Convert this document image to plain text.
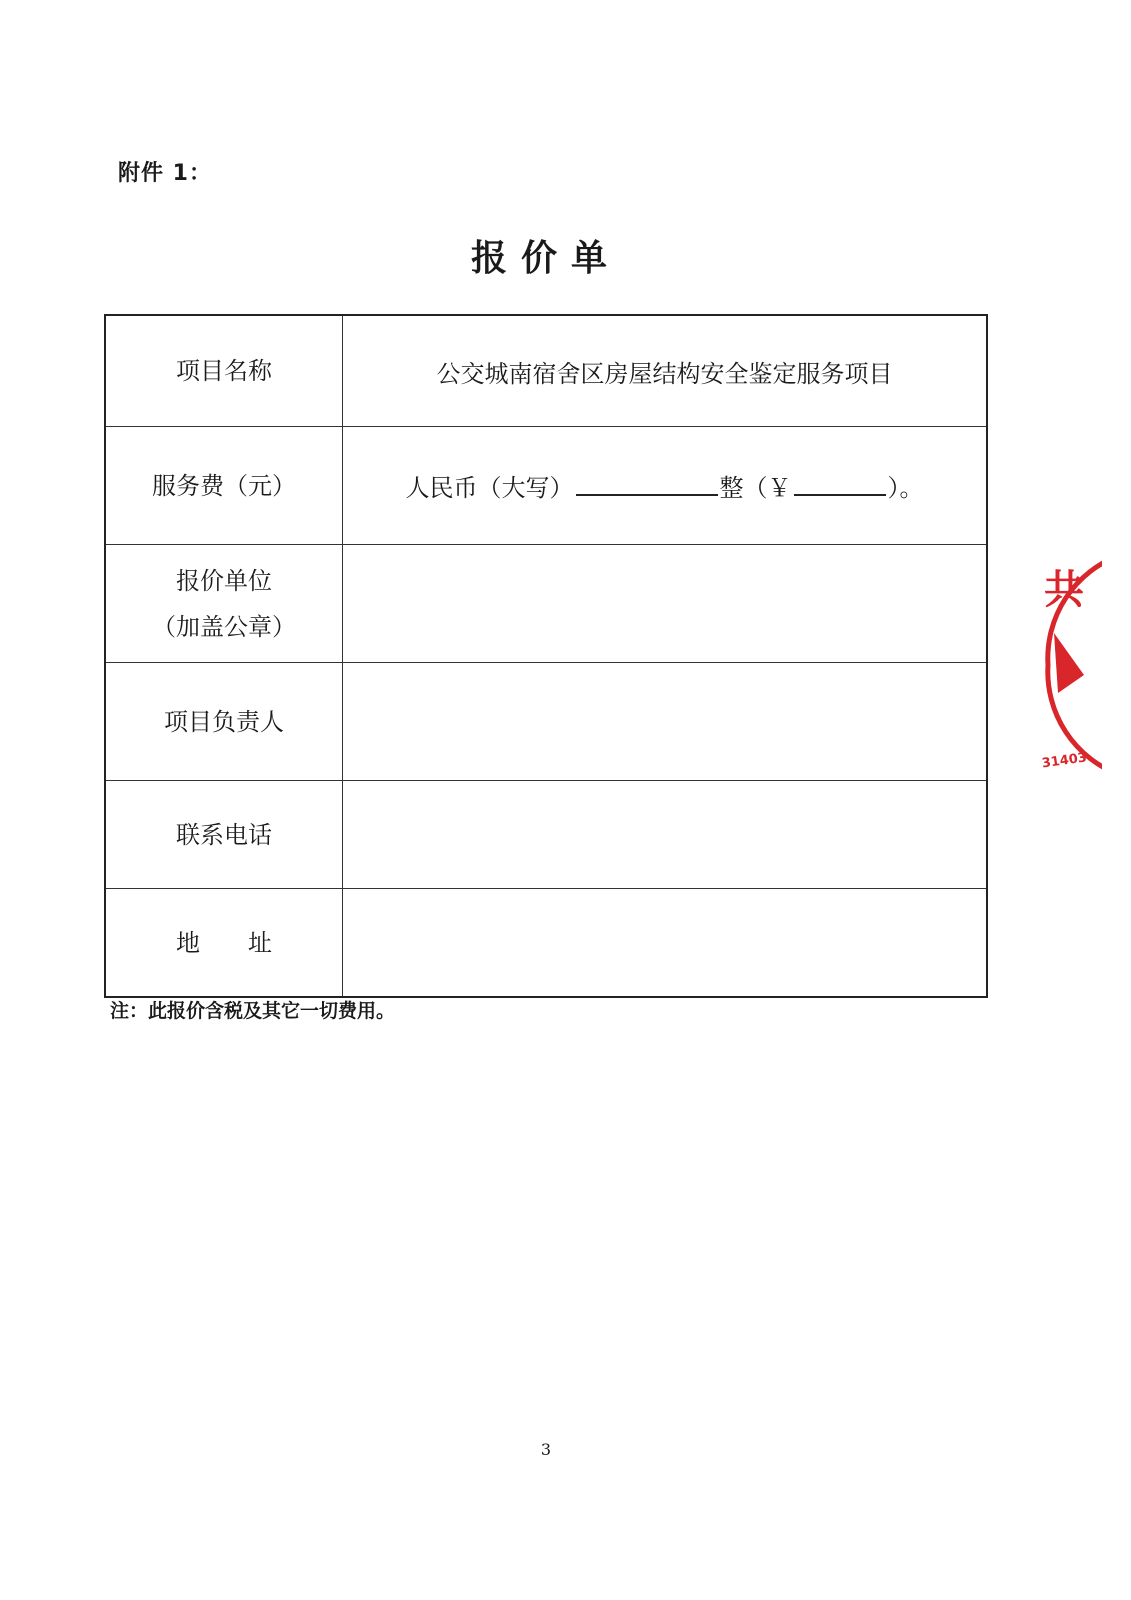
附件 1：
报价单
项目名称	公交城南宿舍区房屋结构安全鉴定服务项目
服务费（元）	人民币（大写） 整（￥ ）。

报价单位
（加盖公章）	

项目负责人	
联系电话	
地　　址	
注：此报价含税及其它一切费用。
共
31403
3
